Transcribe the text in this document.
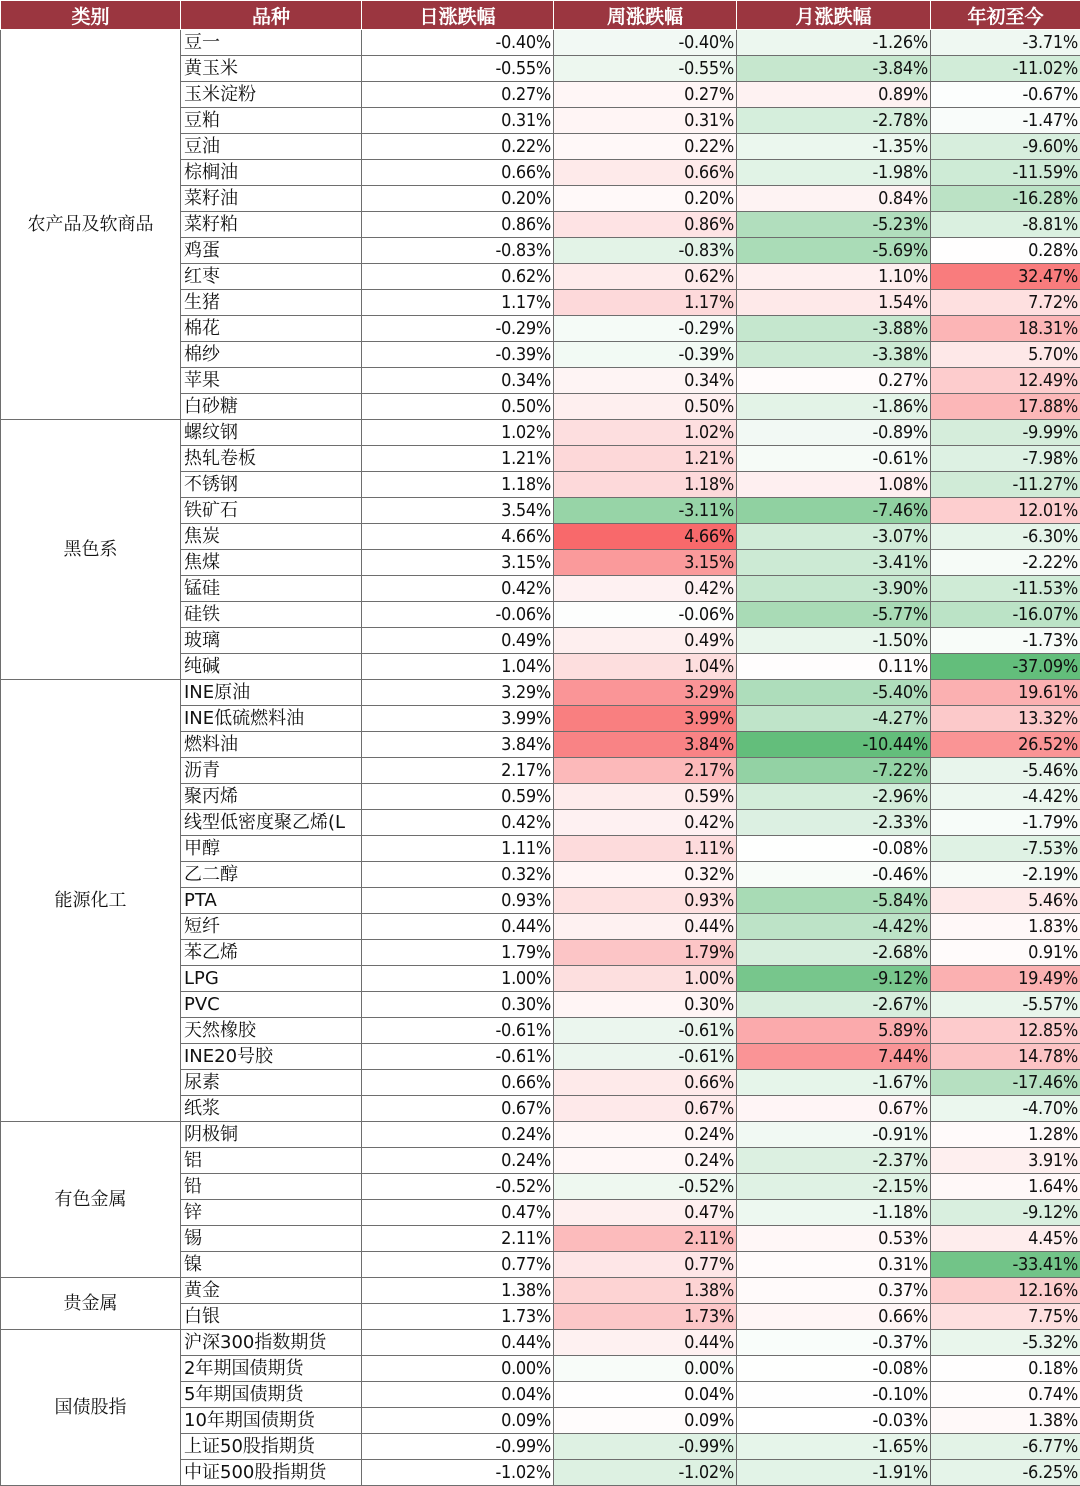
类别	品种	日涨跌幅	周涨跌幅	月涨跌幅	年初至今
农产品及软商品	豆一	-0.40%	-0.40%	-1.26%	-3.71%
	黄玉米	-0.55%	-0.55%	-3.84%	-11.02%
	玉米淀粉	0.27%	0.27%	0.89%	-0.67%
	豆粕	0.31%	0.31%	-2.78%	-1.47%
	豆油	0.22%	0.22%	-1.35%	-9.60%
	棕榈油	0.66%	0.66%	-1.98%	-11.59%
	菜籽油	0.20%	0.20%	0.84%	-16.28%
	菜籽粕	0.86%	0.86%	-5.23%	-8.81%
	鸡蛋	-0.83%	-0.83%	-5.69%	0.28%
	红枣	0.62%	0.62%	1.10%	32.47%
	生猪	1.17%	1.17%	1.54%	7.72%
	棉花	-0.29%	-0.29%	-3.88%	18.31%
	棉纱	-0.39%	-0.39%	-3.38%	5.70%
	苹果	0.34%	0.34%	0.27%	12.49%
	白砂糖	0.50%	0.50%	-1.86%	17.88%
黑色系	螺纹钢	1.02%	1.02%	-0.89%	-9.99%
	热轧卷板	1.21%	1.21%	-0.61%	-7.98%
	不锈钢	1.18%	1.18%	1.08%	-11.27%
	铁矿石	3.54%	-3.11%	-7.46%	12.01%
	焦炭	4.66%	4.66%	-3.07%	-6.30%
	焦煤	3.15%	3.15%	-3.41%	-2.22%
	锰硅	0.42%	0.42%	-3.90%	-11.53%
	硅铁	-0.06%	-0.06%	-5.77%	-16.07%
	玻璃	0.49%	0.49%	-1.50%	-1.73%
	纯碱	1.04%	1.04%	0.11%	-37.09%
能源化工	INE原油	3.29%	3.29%	-5.40%	19.61%
	INE低硫燃料油	3.99%	3.99%	-4.27%	13.32%
	燃料油	3.84%	3.84%	-10.44%	26.52%
	沥青	2.17%	2.17%	-7.22%	-5.46%
	聚丙烯	0.59%	0.59%	-2.96%	-4.42%
	线型低密度聚乙烯(L	0.42%	0.42%	-2.33%	-1.79%
	甲醇	1.11%	1.11%	-0.08%	-7.53%
	乙二醇	0.32%	0.32%	-0.46%	-2.19%
	PTA	0.93%	0.93%	-5.84%	5.46%
	短纤	0.44%	0.44%	-4.42%	1.83%
	苯乙烯	1.79%	1.79%	-2.68%	0.91%
	LPG	1.00%	1.00%	-9.12%	19.49%
	PVC	0.30%	0.30%	-2.67%	-5.57%
	天然橡胶	-0.61%	-0.61%	5.89%	12.85%
	INE20号胶	-0.61%	-0.61%	7.44%	14.78%
	尿素	0.66%	0.66%	-1.67%	-17.46%
	纸浆	0.67%	0.67%	0.67%	-4.70%
有色金属	阴极铜	0.24%	0.24%	-0.91%	1.28%
	铝	0.24%	0.24%	-2.37%	3.91%
	铅	-0.52%	-0.52%	-2.15%	1.64%
	锌	0.47%	0.47%	-1.18%	-9.12%
	锡	2.11%	2.11%	0.53%	4.45%
	镍	0.77%	0.77%	0.31%	-33.41%
贵金属	黄金	1.38%	1.38%	0.37%	12.16%
	白银	1.73%	1.73%	0.66%	7.75%
国债股指	沪深300指数期货	0.44%	0.44%	-0.37%	-5.32%
	2年期国债期货	0.00%	0.00%	-0.08%	0.18%
	5年期国债期货	0.04%	0.04%	-0.10%	0.74%
	10年期国债期货	0.09%	0.09%	-0.03%	1.38%
	上证50股指期货	-0.99%	-0.99%	-1.65%	-6.77%
	中证500股指期货	-1.02%	-1.02%	-1.91%	-6.25%
